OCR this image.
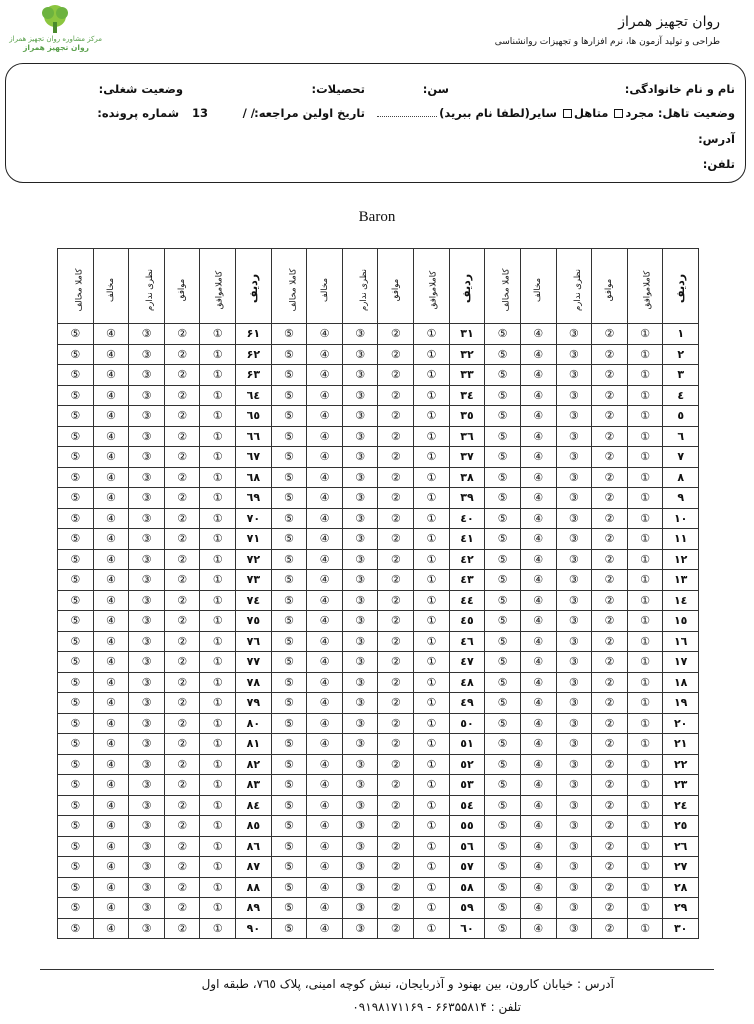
مرکز مشاوره روان تجهیز همراز
روان تجهیز همراز
روان تجهیز همراز
طراحی و تولید آزمون ها، نرم افزارها و تجهیزات روانشناسی
نام و نام خانوادگی:
سن:
تحصیلات:
وضعیت شغلی:
وضعیت تاهل: مجرد متاهل سایر(لطفا نام ببرید)
تاریخ اولین مراجعه:
/ /
13
شماره پرونده:
آدرس:
تلفن:
Baron
کاملا مخالف	مخالف	نظری ندارم	موافق	کاملاموافق	ردیف	کاملا مخالف	مخالف	نظری ندارم	موافق	کاملاموافق	ردیف	کاملا مخالف	مخالف	نظری ندارم	موافق	کاملاموافق	ردیف
⑤	④	③	②	①	۶۱	⑤	④	③	②	①	۳۱	⑤	④	③	②	①	۱
⑤	④	③	②	①	۶۲	⑤	④	③	②	①	۳۲	⑤	④	③	②	①	۲
⑤	④	③	②	①	۶۳	⑤	④	③	②	①	۳۳	⑤	④	③	②	①	۳
⑤	④	③	②	①	٦٤	⑤	④	③	②	①	۳٤	⑤	④	③	②	①	٤
⑤	④	③	②	①	٦٥	⑤	④	③	②	①	۳٥	⑤	④	③	②	①	٥
⑤	④	③	②	①	٦٦	⑤	④	③	②	①	۳٦	⑤	④	③	②	①	٦
⑤	④	③	②	①	٦۷	⑤	④	③	②	①	۳۷	⑤	④	③	②	①	۷
⑤	④	③	②	①	٦۸	⑤	④	③	②	①	۳۸	⑤	④	③	②	①	۸
⑤	④	③	②	①	٦۹	⑤	④	③	②	①	۳۹	⑤	④	③	②	①	۹
⑤	④	③	②	①	۷۰	⑤	④	③	②	①	٤۰	⑤	④	③	②	①	۱۰
⑤	④	③	②	①	۷۱	⑤	④	③	②	①	٤۱	⑤	④	③	②	①	۱۱
⑤	④	③	②	①	۷۲	⑤	④	③	②	①	٤۲	⑤	④	③	②	①	۱۲
⑤	④	③	②	①	۷۳	⑤	④	③	②	①	٤۳	⑤	④	③	②	①	۱۳
⑤	④	③	②	①	۷٤	⑤	④	③	②	①	٤٤	⑤	④	③	②	①	۱٤
⑤	④	③	②	①	۷٥	⑤	④	③	②	①	٤٥	⑤	④	③	②	①	۱٥
⑤	④	③	②	①	۷٦	⑤	④	③	②	①	٤٦	⑤	④	③	②	①	۱٦
⑤	④	③	②	①	۷۷	⑤	④	③	②	①	٤۷	⑤	④	③	②	①	۱۷
⑤	④	③	②	①	۷۸	⑤	④	③	②	①	٤۸	⑤	④	③	②	①	۱۸
⑤	④	③	②	①	۷۹	⑤	④	③	②	①	٤۹	⑤	④	③	②	①	۱۹
⑤	④	③	②	①	۸۰	⑤	④	③	②	①	٥۰	⑤	④	③	②	①	۲۰
⑤	④	③	②	①	۸۱	⑤	④	③	②	①	٥۱	⑤	④	③	②	①	۲۱
⑤	④	③	②	①	۸۲	⑤	④	③	②	①	٥۲	⑤	④	③	②	①	۲۲
⑤	④	③	②	①	۸۳	⑤	④	③	②	①	٥۳	⑤	④	③	②	①	۲۳
⑤	④	③	②	①	۸٤	⑤	④	③	②	①	٥٤	⑤	④	③	②	①	۲٤
⑤	④	③	②	①	۸٥	⑤	④	③	②	①	٥٥	⑤	④	③	②	①	۲٥
⑤	④	③	②	①	۸٦	⑤	④	③	②	①	٥٦	⑤	④	③	②	①	۲٦
⑤	④	③	②	①	۸۷	⑤	④	③	②	①	٥۷	⑤	④	③	②	①	۲۷
⑤	④	③	②	①	۸۸	⑤	④	③	②	①	٥۸	⑤	④	③	②	①	۲۸
⑤	④	③	②	①	۸۹	⑤	④	③	②	①	٥۹	⑤	④	③	②	①	۲۹
⑤	④	③	②	①	۹۰	⑤	④	③	②	①	٦۰	⑤	④	③	②	①	۳۰
آدرس : خیابان کارون، بین بهنود و آذربایجان، نبش کوچه امینی، پلاک ۷٦٥، طبقه اول
تلفن : ۶۶۳۵۵۸۱۴ - ۰۹۱۹۸۱۷۱۱۶۹
